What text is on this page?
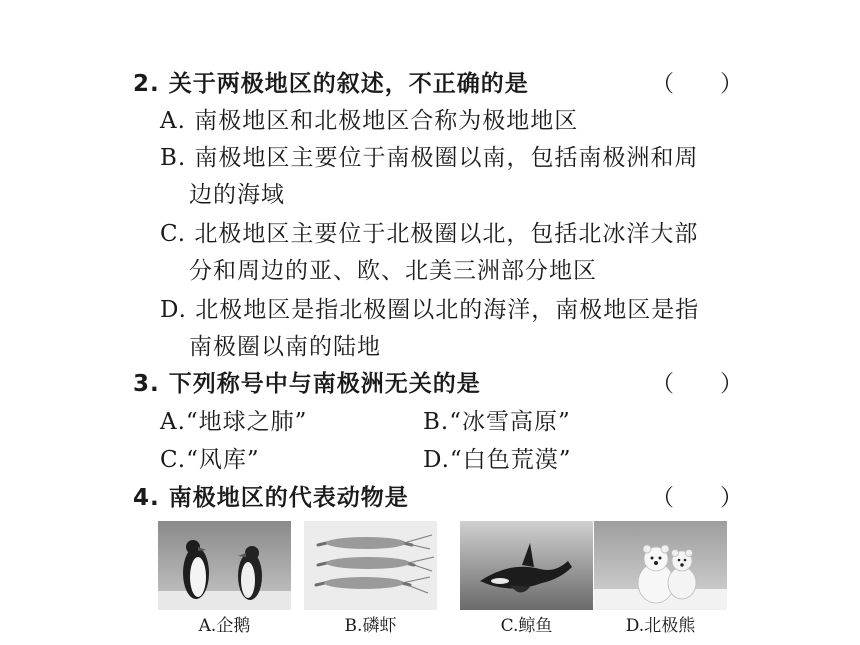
2. 关于两极地区的叙述，不正确的是	（ ）
A. 南极地区和北极地区合称为极地地区
B. 南极地区主要位于南极圈以南，包括南极洲和周
边的海域
C. 北极地区主要位于北极圈以北，包括北冰洋大部
分和周边的亚、欧、北美三洲部分地区
D. 北极地区是指北极圈以北的海洋，南极地区是指
南极圈以南的陆地
3. 下列称号中与南极洲无关的是	（ ）
A.“地球之肺”	B.“冰雪高原”
C.“风库”	D.“白色荒漠”
4. 南极地区的代表动物是	（ ）
A.企鹅	B.磷虾	C.鲸鱼	D.北极熊
